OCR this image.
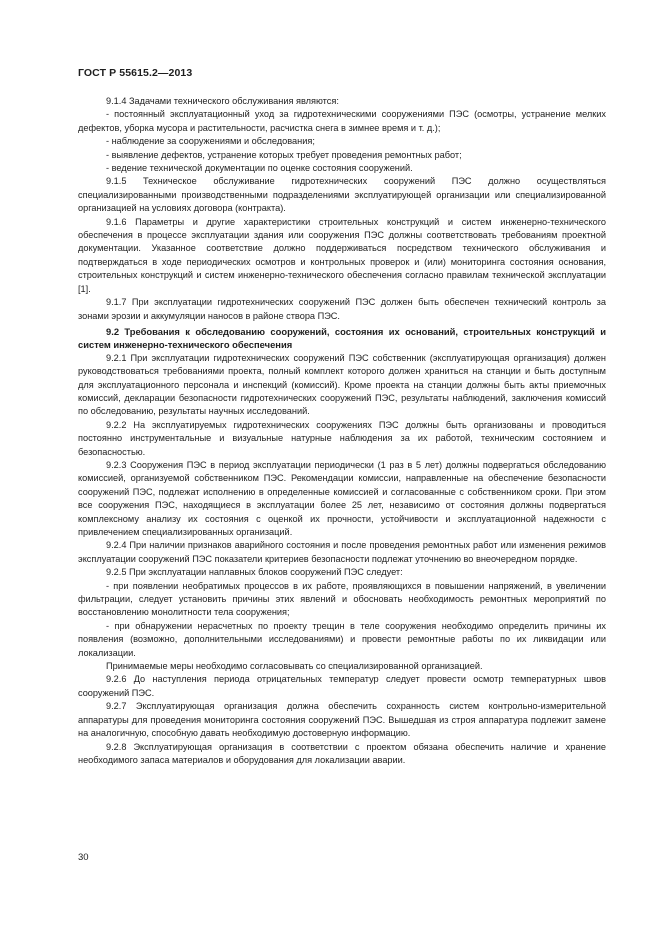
ГОСТ Р 55615.2—2013

9.1.4 Задачами технического обслуживания являются:

- постоянный эксплуатационный уход за гидротехническими сооружениями ПЭС (осмотры, устранение мелких дефектов, уборка мусора и растительности, расчистка снега в зимнее время и т. д.);

- наблюдение за сооружениями и обследования;

- выявление дефектов, устранение которых требует проведения ремонтных работ;

- ведение технической документации по оценке состояния сооружений.

9.1.5 Техническое обслуживание гидротехнических сооружений ПЭС должно осуществляться специализированными производственными подразделениями эксплуатирующей организации или специализированной организацией на условиях договора (контракта).

9.1.6 Параметры и другие характеристики строительных конструкций и систем инженерно-технического обеспечения в процессе эксплуатации здания или сооружения ПЭС должны соответствовать требованиям проектной документации. Указанное соответствие должно поддерживаться посредством технического обслуживания и подтверждаться в ходе периодических осмотров и контрольных проверок и (или) мониторинга состояния основания, строительных конструкций и систем инженерно-технического обеспечения согласно правилам технической эксплуатации [1].

9.1.7 При эксплуатации гидротехнических сооружений ПЭС должен быть обеспечен технический контроль за зонами эрозии и аккумуляции наносов в районе створа ПЭС.

9.2 Требования к обследованию сооружений, состояния их оснований, строительных конструкций и систем инженерно-технического обеспечения

9.2.1 При эксплуатации гидротехнических сооружений ПЭС собственник (эксплуатирующая организация) должен руководствоваться требованиями проекта, полный комплект которого должен храниться на станции и быть доступным для эксплуатационного персонала и инспекций (комиссий). Кроме проекта на станции должны быть акты приемочных комиссий, декларации безопасности гидротехнических сооружений ПЭС, результаты наблюдений, заключения комиссий по обследованию, результаты научных исследований.

9.2.2 На эксплуатируемых гидротехнических сооружениях ПЭС должны быть организованы и проводиться постоянно инструментальные и визуальные натурные наблюдения за их работой, техническим состоянием и безопасностью.

9.2.3 Сооружения ПЭС в период эксплуатации периодически (1 раз в 5 лет) должны подвергаться обследованию комиссией, организуемой собственником ПЭС. Рекомендации комиссии, направленные на обеспечение безопасности сооружений ПЭС, подлежат исполнению в определенные комиссией и согласованные с собственником сроки. При этом все сооружения ПЭС, находящиеся в эксплуатации более 25 лет, независимо от состояния должны подвергаться комплексному анализу их состояния с оценкой их прочности, устойчивости и эксплуатационной надежности с привлечением специализированных организаций.

9.2.4 При наличии признаков аварийного состояния и после проведения ремонтных работ или изменения режимов эксплуатации сооружений ПЭС показатели критериев безопасности подлежат уточнению во внеочередном порядке.

9.2.5 При эксплуатации наплавных блоков сооружений ПЭС следует:

- при появлении необратимых процессов в их работе, проявляющихся в повышении напряжений, в увеличении фильтрации, следует установить причины этих явлений и обосновать необходимость ремонтных мероприятий по восстановлению монолитности тела сооружения;

- при обнаружении нерасчетных по проекту трещин в теле сооружения необходимо определить причины их появления (возможно, дополнительными исследованиями) и провести ремонтные работы по их ликвидации или локализации.

Принимаемые меры необходимо согласовывать со специализированной организацией.

9.2.6 До наступления периода отрицательных температур следует провести осмотр температурных швов сооружений ПЭС.

9.2.7 Эксплуатирующая организация должна обеспечить сохранность систем контрольно-измерительной аппаратуры для проведения мониторинга состояния сооружений ПЭС. Вышедшая из строя аппаратура подлежит замене на аналогичную, способную давать необходимую достоверную информацию.

9.2.8 Эксплуатирующая организация в соответствии с проектом обязана обеспечить наличие и хранение необходимого запаса материалов и оборудования для локализации аварии.

30
